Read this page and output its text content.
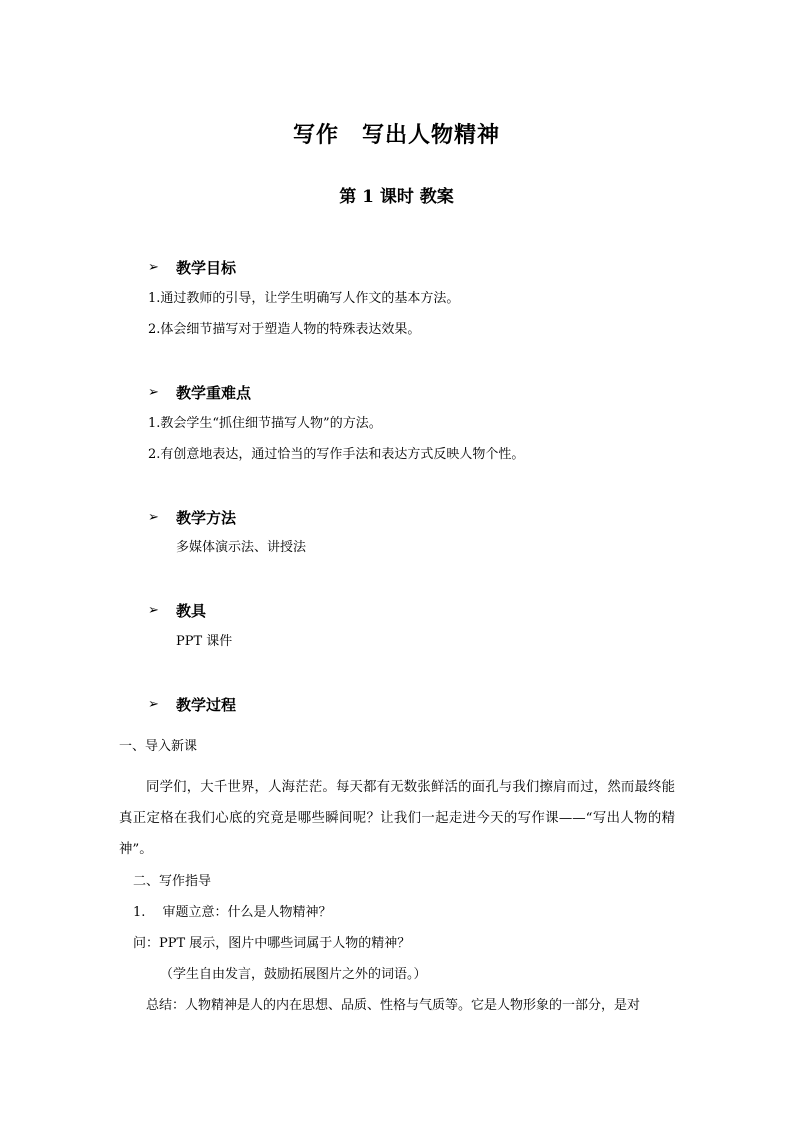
写作　写出人物精神
第 1 课时 教案
➢	教学目标
1.通过教师的引导，让学生明确写人作文的基本方法。
2.体会细节描写对于塑造人物的特殊表达效果。
➢	教学重难点
1.教会学生“抓住细节描写人物”的方法。
2.有创意地表达，通过恰当的写作手法和表达方式反映人物个性。
➢	教学方法
多媒体演示法、讲授法
➢	教具
PPT 课件
➢	教学过程
一、导入新课
同学们，大千世界，人海茫茫。每天都有无数张鲜活的面孔与我们擦肩而过，然而最终能真正定格在我们心底的究竟是哪些瞬间呢？让我们一起走进今天的写作课——“写出人物的精神”。
二、写作指导
1.　 审题立意：什么是人物精神？
问：PPT 展示，图片中哪些词属于人物的精神？
（学生自由发言，鼓励拓展图片之外的词语。）
总结：人物精神是人的内在思想、品质、性格与气质等。它是人物形象的一部分，是对
